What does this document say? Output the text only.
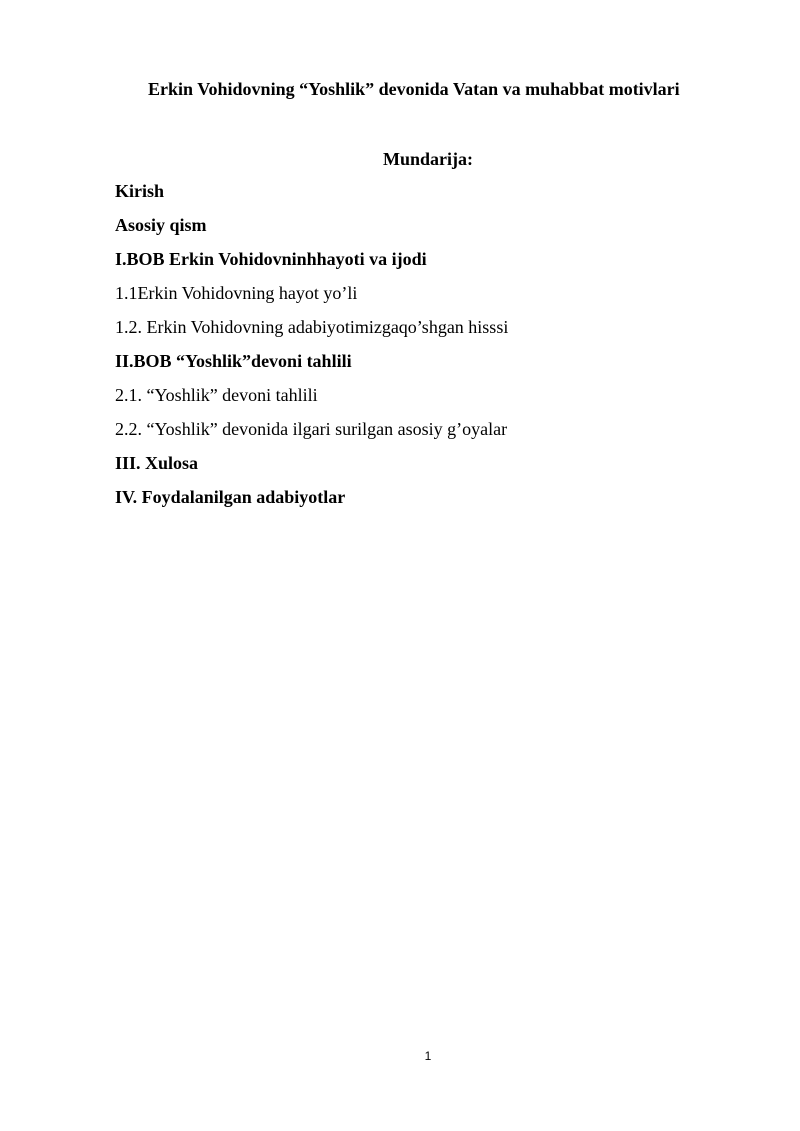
Erkin Vohidovning “Yoshlik” devonida Vatan va muhabbat motivlari
Mundarija:
Kirish
Asosiy qism
I.BOB Erkin Vohidovninhhayoti va ijodi
1.1Erkin Vohidovning hayot yo’li
1.2. Erkin Vohidovning adabiyotimizgaqo’shgan hisssi
II.BOB “Yoshlik”devoni tahlili
2.1. “Yoshlik” devoni tahlili
2.2. “Yoshlik” devonida ilgari surilgan asosiy g’oyalar
III. Xulosa
IV. Foydalanilgan adabiyotlar
1
